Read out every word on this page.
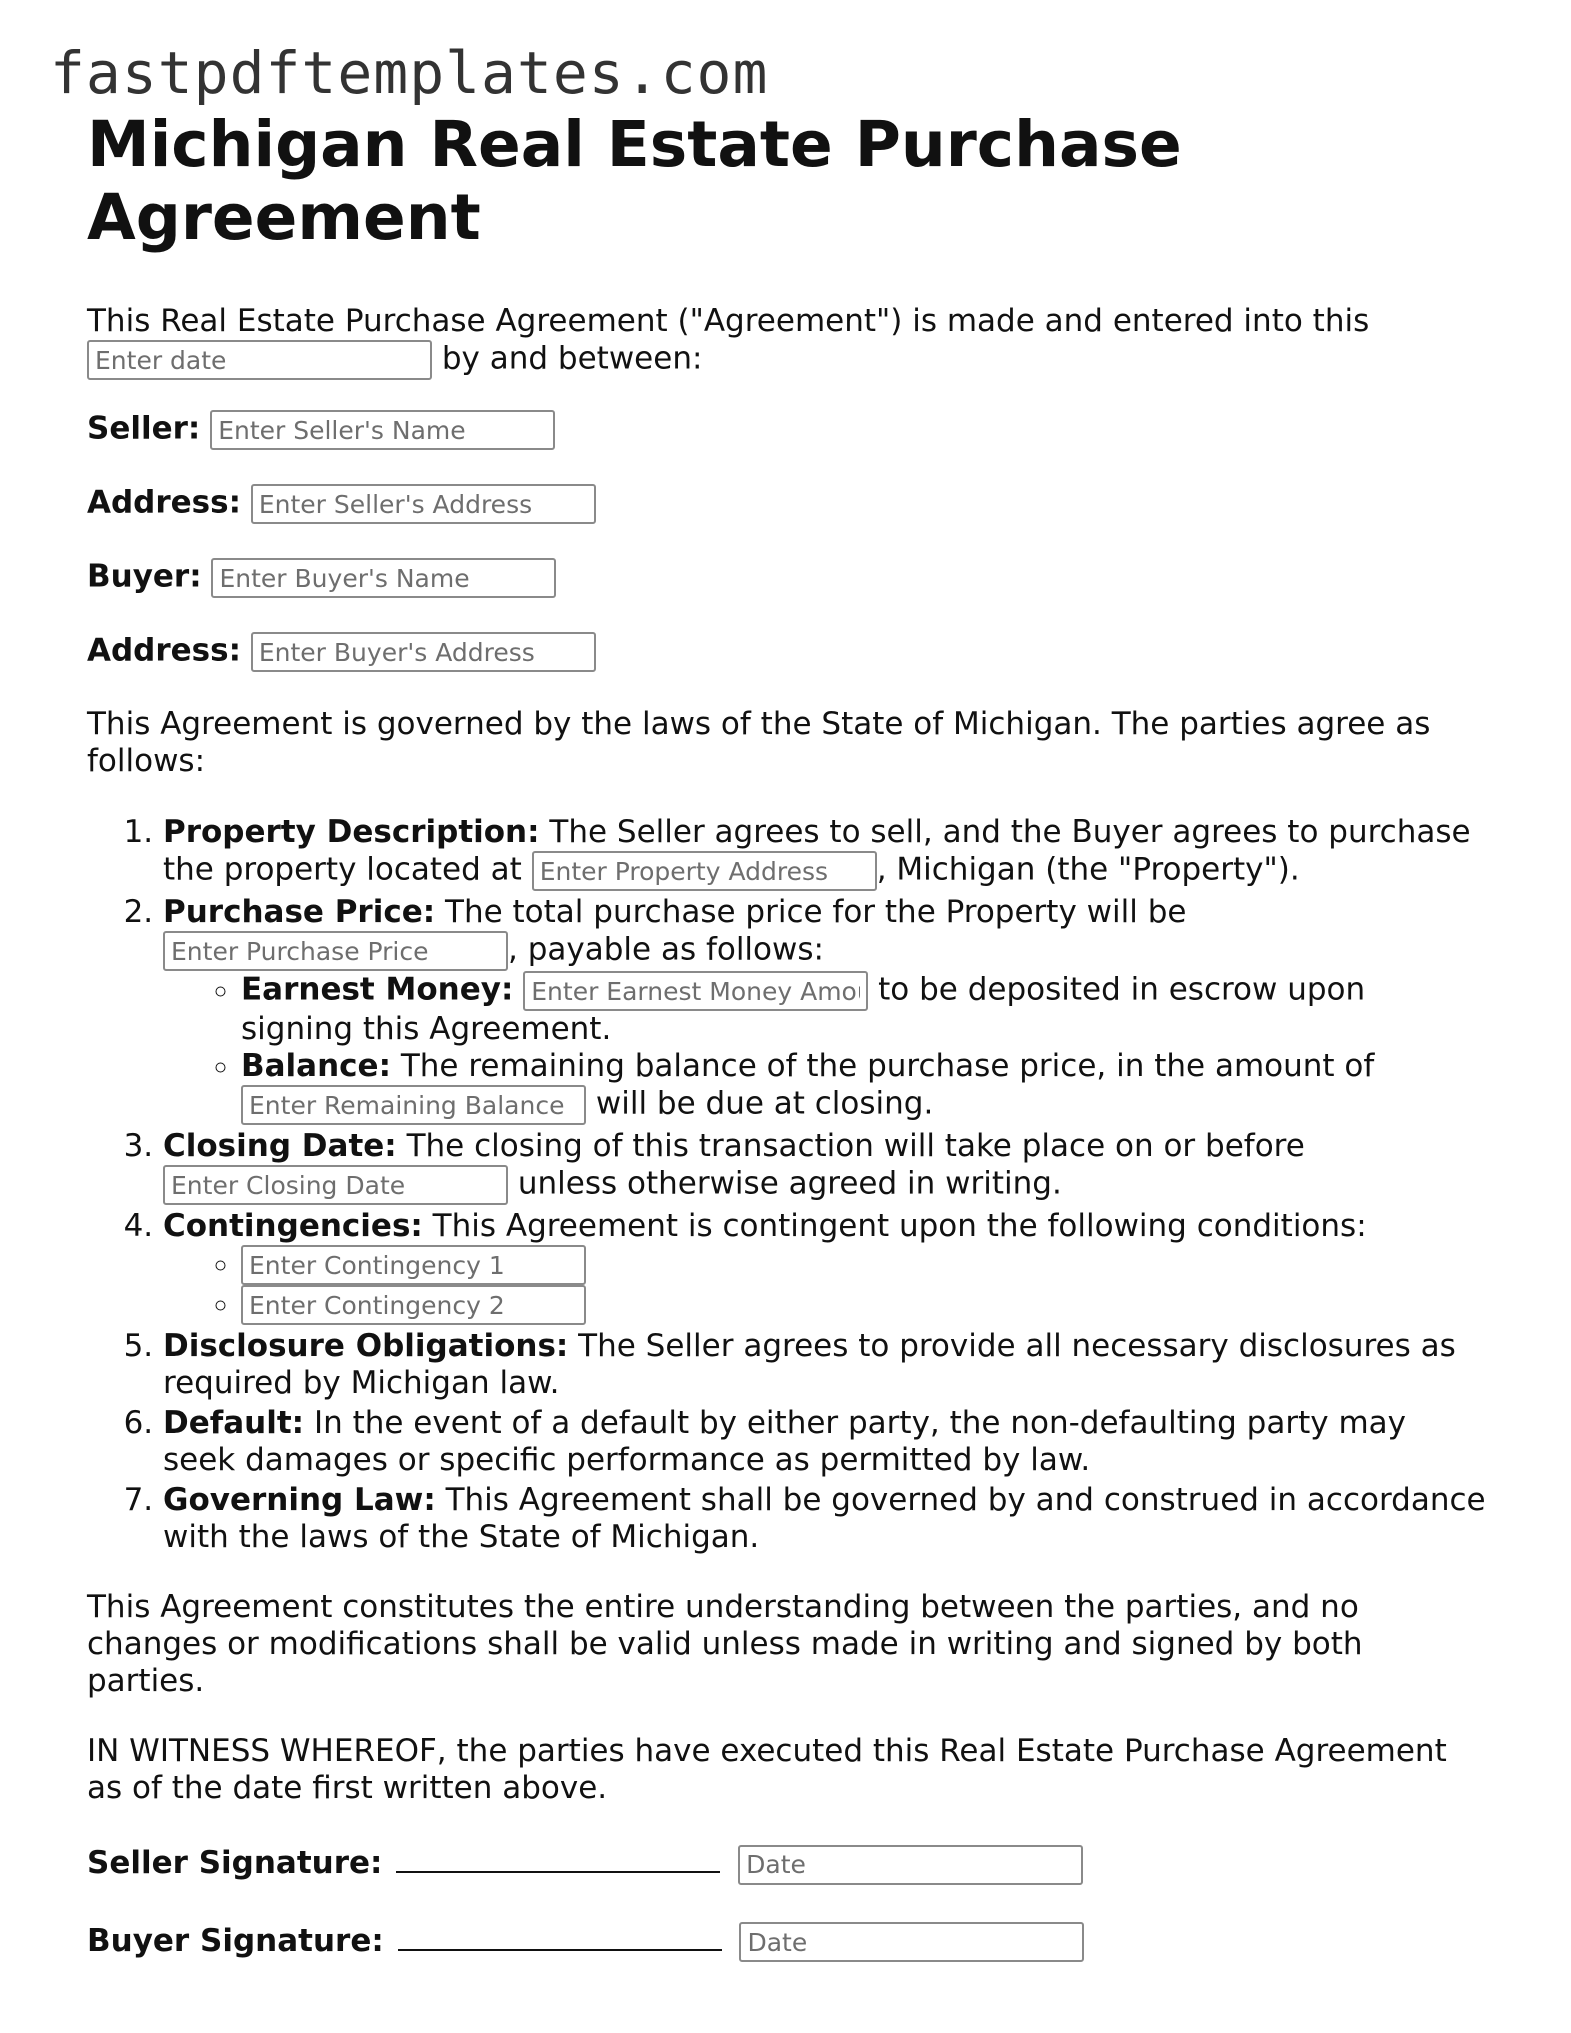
fastpdftemplates.com
Michigan Real Estate Purchase Agreement

This Real Estate Purchase Agreement ("Agreement") is made and entered into this Enter date by and between:

Seller: Enter Seller's Name
Address: Enter Seller's Address
Buyer: Enter Buyer's Name
Address: Enter Buyer's Address

This Agreement is governed by the laws of the State of Michigan. The parties agree as follows:

1. Property Description: The Seller agrees to sell, and the Buyer agrees to purchase the property located at Enter Property Address	, Michigan (the "Property").
2. Purchase Price: The total purchase price for the Property will be Enter Purchase Price, payable as follows:
◦ Earnest Money: Enter Earnest Money Amount	to be deposited in escrow upon signing this Agreement.
◦ Balance: The remaining balance of the purchase price, in the amount of Enter Remaining Balance will be due at closing.
3. Closing Date: The closing of this transaction will take place on or before Enter Closing Date unless otherwise agreed in writing.
4. Contingencies: This Agreement is contingent upon the following conditions:
◦ Enter Contingency 1
◦ Enter Contingency 2
5. Disclosure Obligations: The Seller agrees to provide all necessary disclosures as required by Michigan law.
6. Default: In the event of a default by either party, the non-defaulting party may seek damages or specific performance as permitted by law.
7. Governing Law: This Agreement shall be governed by and construed in accordance with the laws of the State of Michigan.

This Agreement constitutes the entire understanding between the parties, and no changes or modifications shall be valid unless made in writing and signed by both parties.

IN WITNESS WHEREOF, the parties have executed this Real Estate Purchase Agreement as of the date first written above.

Seller Signature:  Date
Buyer Signature:  Date
